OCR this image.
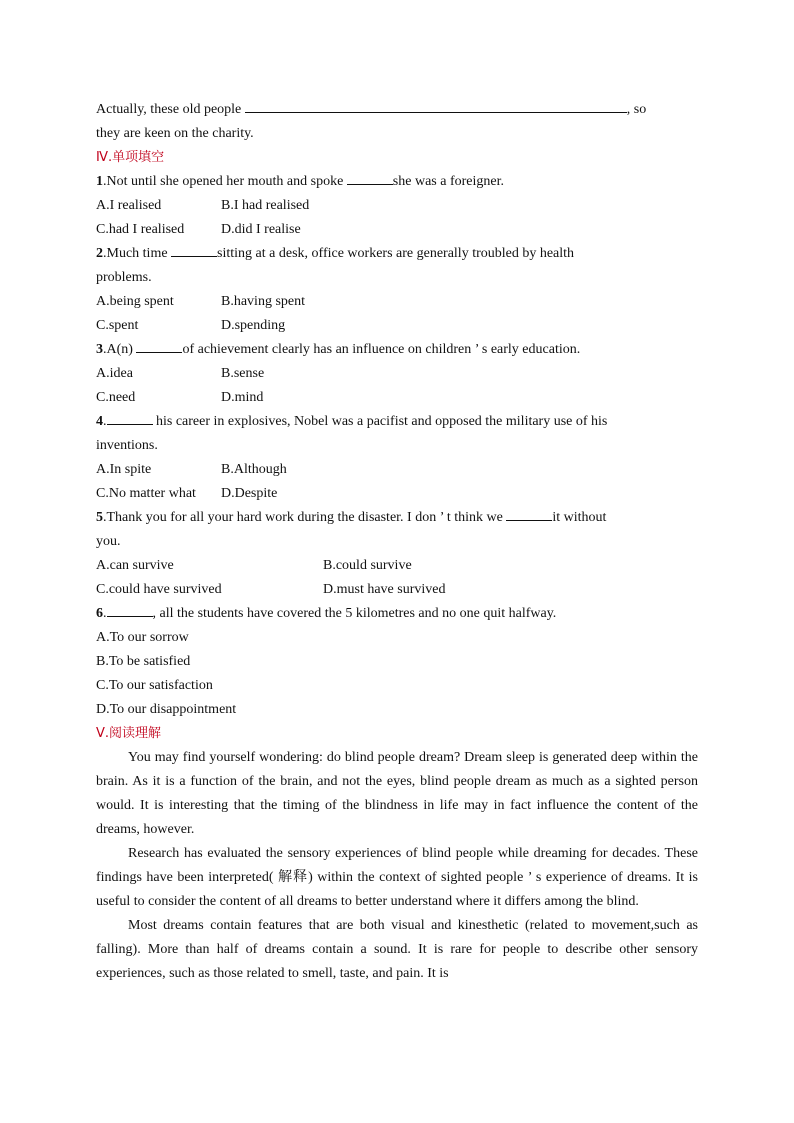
Actually, these old people	, so
they are keen on the charity.
Ⅳ.单项填空
1.Not until she opened her mouth and spoke	she was a foreigner.
A.I realised	B.I had realised
C.had I realised	D.did I realise
2.Much time	sitting at a desk, office workers are generally troubled by health
problems.
A.being spent	B.having spent
C.spent	D.spending
3.A(n)	of achievement clearly has an influence on children ’ s early education.
A.idea	B.sense
C.need	D.mind
4.	his career in explosives, Nobel was a pacifist and opposed the military use of his
inventions.
A.In spite	B.Although
C.No matter what D.Despite
5.Thank you for all your hard work during the disaster. I don ’ t think we	it without
you.
A.can survive	B.could survive
C.could have survived	D.must have survived
6.	, all the students have covered the 5 kilometres and no one quit halfway.
A.To our sorrow
B.To be satisfied
C.To our satisfaction
D.To our disappointment
Ⅴ.阅读理解
You may find yourself wondering: do blind people dream? Dream sleep is generated deep within the brain. As it is a function of the brain, and not the eyes, blind people dream as much as a sighted person would. It is interesting that the timing of the blindness in life may in fact influence the content of the dreams, however.
Research has evaluated the sensory experiences of blind people while dreaming for decades. These findings have been interpreted( 解释) within the context of sighted people ’ s experience of dreams. It is useful to consider the content of all dreams to better understand where it differs among the blind.
Most dreams contain features that are both visual and kinesthetic (related to movement,such as falling). More than half of dreams contain a sound. It is rare for people to describe other sensory experiences, such as those related to smell, taste, and pain. It is
